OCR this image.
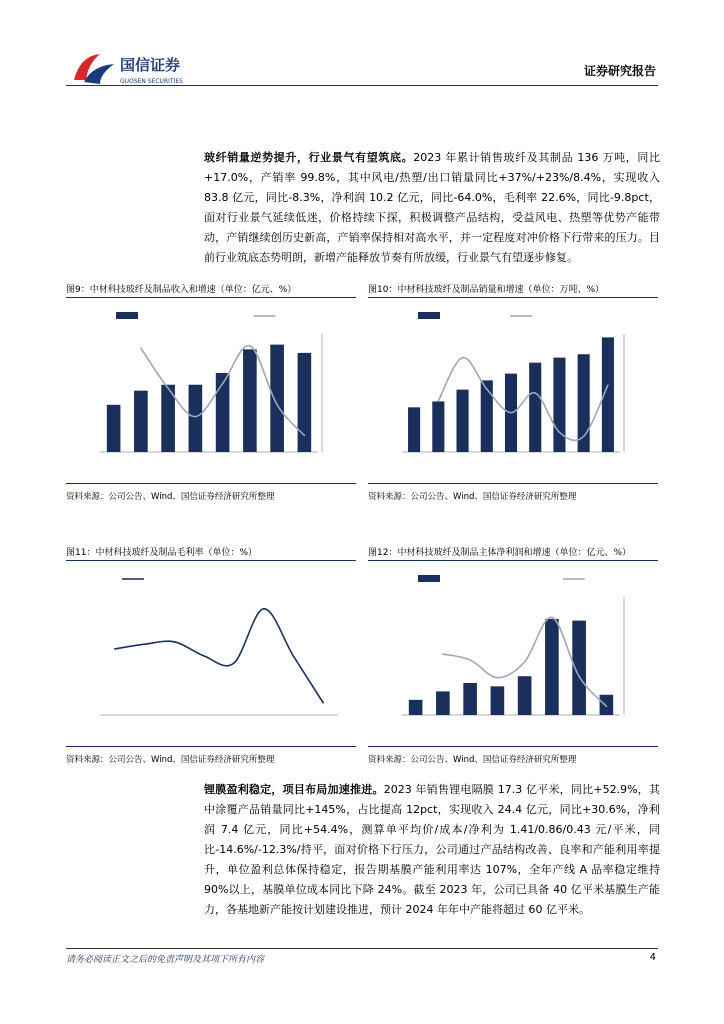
国信证券
GUOSEN SECURITIES
证券研究报告
玻纤销量逆势提升，行业景气有望筑底。2023 年累计销售玻纤及其制品 136 万吨，同比+17.0%，产销率 99.8%，其中风电/热塑/出口销量同比+37%/+23%/8.4%，实现收入 83.8 亿元，同比-8.3%，净利润 10.2 亿元，同比-64.0%，毛利率 22.6%，同比-9.8pct，面对行业景气延续低迷，价格持续下探，积极调整产品结构，受益风电、热塑等优势产能带动，产销继续创历史新高，产销率保持相对高水平，并一定程度对冲价格下行带来的压力。目前行业筑底态势明朗，新增产能释放节奏有所放缓，行业景气有望逐步修复。
图9：中材科技玻纤及制品收入和增速（单位：亿元、%）
资料来源：公司公告、Wind、国信证券经济研究所整理
图10：中材科技玻纤及制品销量和增速（单位：万吨、%）
资料来源：公司公告、Wind、国信证券经济研究所整理
图11：中材科技玻纤及制品毛利率（单位：%）
资料来源：公司公告、Wind、国信证券经济研究所整理
图12：中材科技玻纤及制品主体净利润和增速（单位：亿元、%）
资料来源：公司公告、Wind、国信证券经济研究所整理
锂膜盈利稳定，项目布局加速推进。2023 年销售锂电隔膜 17.3 亿平米，同比+52.9%，其中涂覆产品销量同比+145%，占比提高 12pct，实现收入 24.4 亿元，同比+30.6%，净利润 7.4 亿元，同比+54.4%，测算单平均价/成本/净利为 1.41/0.86/0.43 元/平米，同比-14.6%/-12.3%/持平，面对价格下行压力，公司通过产品结构改善、良率和产能利用率提升，单位盈利总体保持稳定，报告期基膜产能利用率达 107%，全年产线 A 品率稳定维持 90%以上，基膜单位成本同比下降 24%。截至 2023 年，公司已具备 40 亿平米基膜生产能力，各基地新产能按计划建设推进，预计 2024 年年中产能将超过 60 亿平米。
请务必阅读正文之后的免责声明及其项下所有内容	4
